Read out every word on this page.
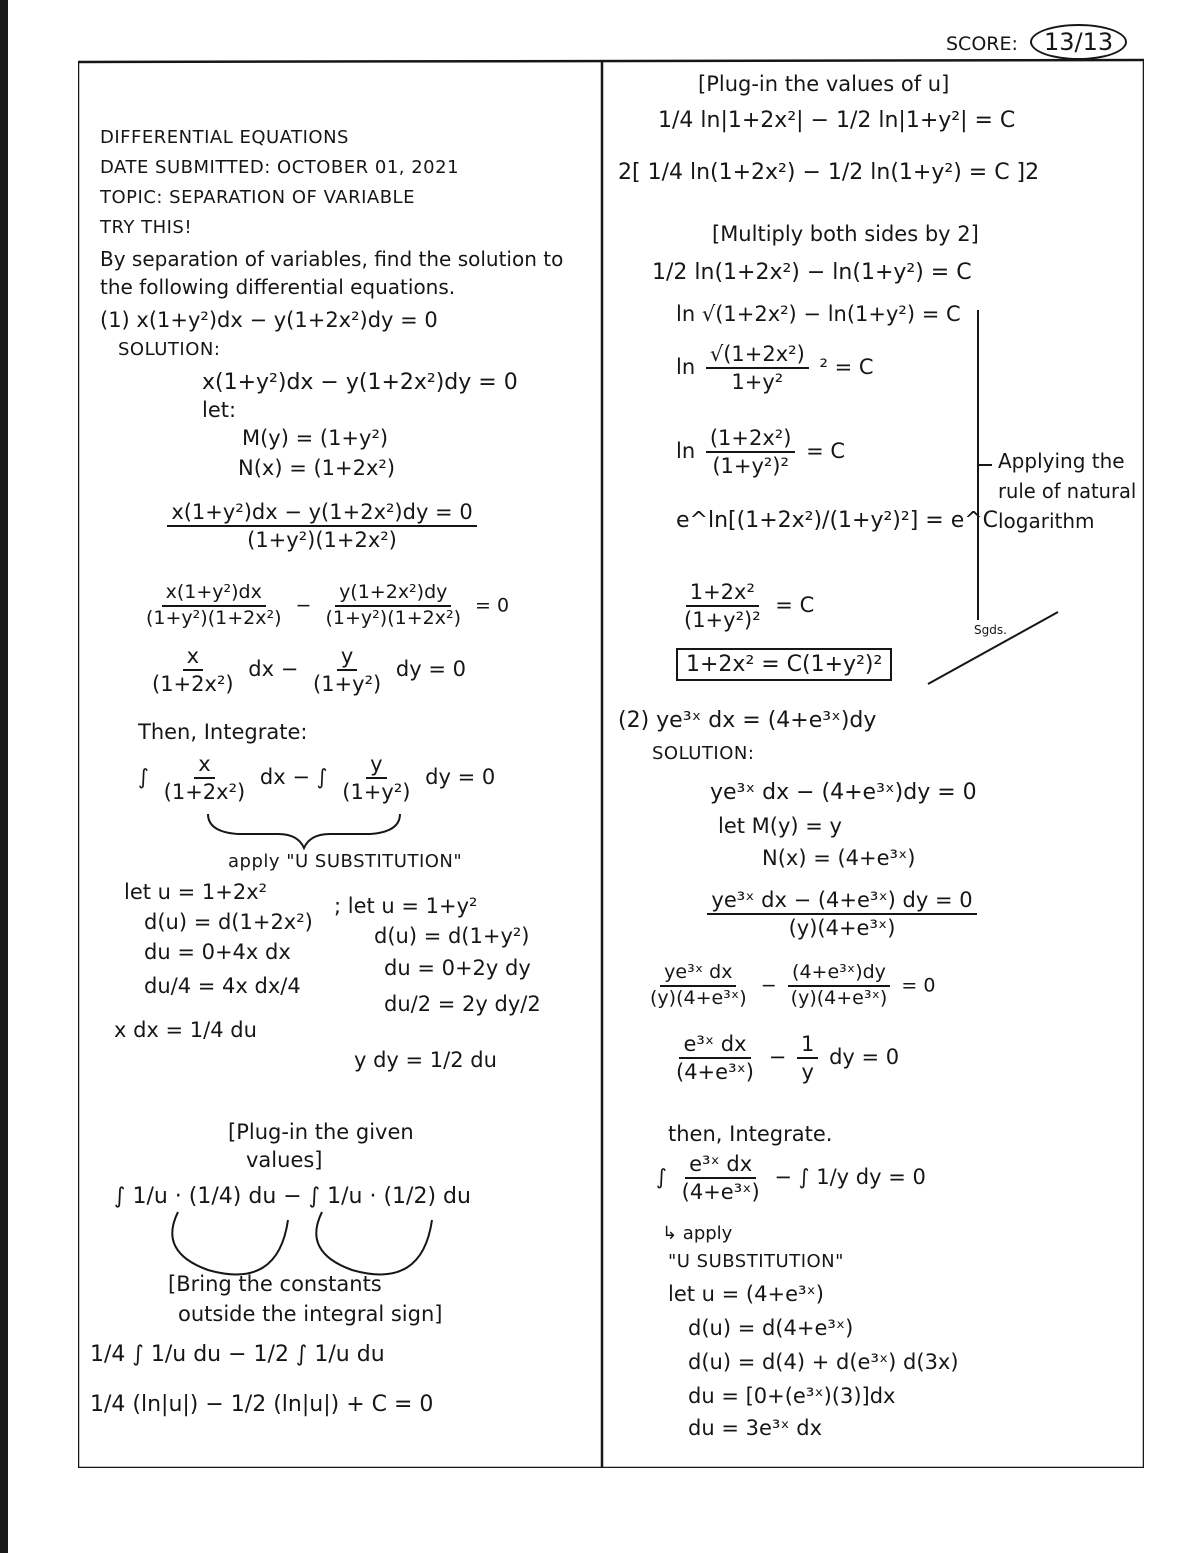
SCORE: 13/13
DIFFERENTIAL EQUATIONS
DATE SUBMITTED: OCTOBER 01, 2021
TOPIC: SEPARATION OF VARIABLE
TRY THIS!
By separation of variables, find the solution to
the following differential equations.
(1) x(1+y²)dx − y(1+2x²)dy = 0
SOLUTION:
x(1+y²)dx − y(1+2x²)dy = 0
let:
M(y) = (1+y²)
N(x) = (1+2x²)
$\frac{\text{x(1+y²)dx − y(1+2x²)dy = 0}}{\text{(1+y²)(1+2x²)}}$
$\frac{\text{x(1+y²)dx}}{\text{(1+y²)(1+2x²)}} - \frac{\text{y(1+2x²)dy}}{\text{(1+y²)(1+2x²)}} = 0$
$\frac{x}{\text{(1+2x²)}}$ dx − $\frac{y}{\text{(1+y²)}}$ dy = 0
Then, Integrate:
∫ $\frac{x}{\text{(1+2x²)}}$ dx − ∫ $\frac{y}{\text{(1+y²)}}$ dy = 0
apply "U SUBSTITUTION"
let u = 1+2x²
d(u) = d(1+2x²)
du = 0+4x dx
du/4 = 4x dx/4
x dx = 1/4 du
; let u = 1+y²
d(u) = d(1+y²)
du = 0+2y dy
du/2 = 2y dy/2
y dy = 1/2 du
[Plug-in the given
values]
∫ 1/u · (1/4) du − ∫ 1/u · (1/2) du
[Bring the constants
outside the integral sign]
1/4 ∫ 1/u du − 1/2 ∫ 1/u du
1/4 (ln|u|) − 1/2 (ln|u|) + C = 0
[Plug-in the values of u]
1/4 ln|1+2x²| − 1/2 ln|1+y²| = C
2[ 1/4 ln(1+2x²) − 1/2 ln(1+y²) = C ]2
[Multiply both sides by 2]
1/2 ln(1+2x²) − ln(1+y²) = C
ln √(1+2x²) − ln(1+y²) = C
$\ln \frac{\text{√(1+2x²)}}{\text{1+y²}} ^2 = C$
$\ln \frac{\text{(1+2x²)}}{\text{(1+y²)²}} = C$
e^ln[(1+2x²)/(1+y²)²] = e^C
$\frac{\text{1+2x²}}{\text{(1+y²)²}} = C$
1+2x² = C(1+y²)²
Applying the
rule of natural
logarithm
Sgds.
(2) ye³ˣ dx = (4+e³ˣ)dy
SOLUTION:
ye³ˣ dx − (4+e³ˣ)dy = 0
let M(y) = y
N(x) = (4+e³ˣ)
$\frac{\text{ye³ˣ dx − (4+e³ˣ) dy = 0}}{\text{(y)(4+e³ˣ)}}$
$\frac{\text{ye³ˣ dx}}{\text{(y)(4+e³ˣ)}} - \frac{\text{(4+e³ˣ)dy}}{\text{(y)(4+e³ˣ)}} = 0$
$\frac{\text{e³ˣ dx}}{\text{(4+e³ˣ)}} - \frac{1}{y}$ dy = 0
then, Integrate.
∫ $\frac{\text{e³ˣ dx}}{\text{(4+e³ˣ)}}$ − ∫ 1/y dy = 0
↳ apply
"U SUBSTITUTION"
let u = (4+e³ˣ)
d(u) = d(4+e³ˣ)
d(u) = d(4) + d(e³ˣ) d(3x)
du = [0+(e³ˣ)(3)]dx
du = 3e³ˣ dx
